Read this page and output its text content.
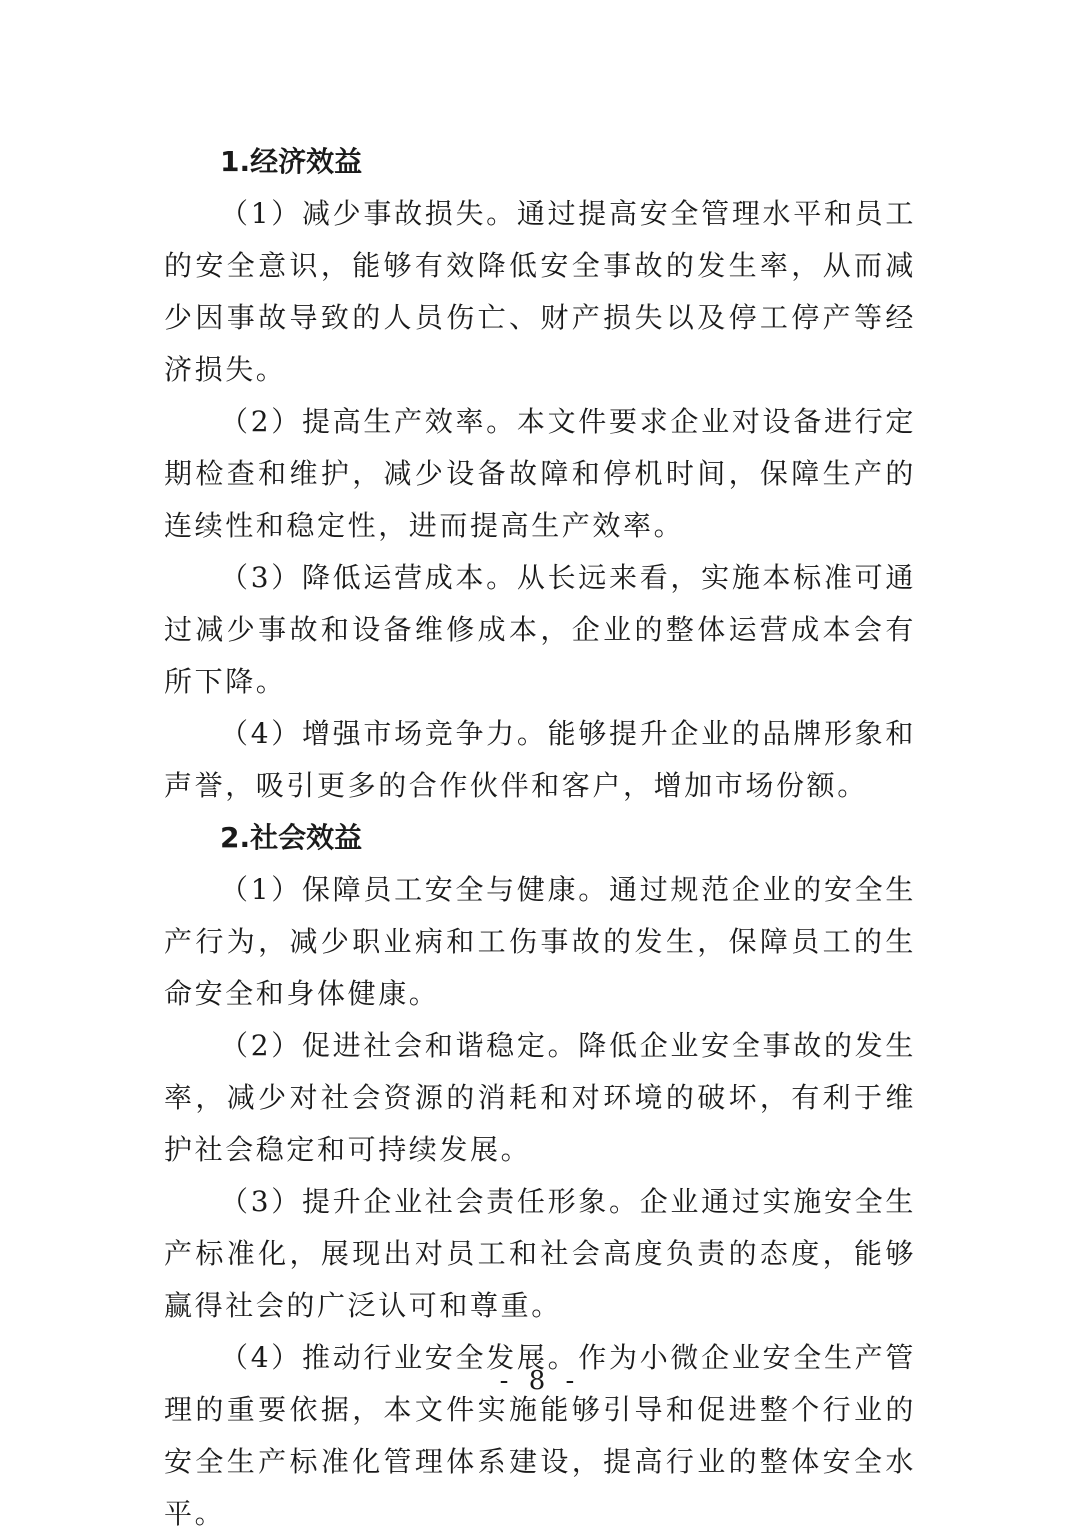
1.经济效益

（1）减少事故损失。通过提高安全管理水平和员工的安全意识，能够有效降低安全事故的发生率，从而减少因事故导致的人员伤亡、财产损失以及停工停产等经济损失。

（2）提高生产效率。本文件要求企业对设备进行定期检查和维护，减少设备故障和停机时间，保障生产的连续性和稳定性，进而提高生产效率。

（3）降低运营成本。从长远来看，实施本标准可通过减少事故和设备维修成本，企业的整体运营成本会有所下降。

（4）增强市场竞争力。能够提升企业的品牌形象和声誉，吸引更多的合作伙伴和客户，增加市场份额。

2.社会效益

（1）保障员工安全与健康。通过规范企业的安全生产行为，减少职业病和工伤事故的发生，保障员工的生命安全和身体健康。

（2）促进社会和谐稳定。降低企业安全事故的发生率，减少对社会资源的消耗和对环境的破坏，有利于维护社会稳定和可持续发展。

（3）提升企业社会责任形象。企业通过实施安全生产标准化，展现出对员工和社会高度负责的态度，能够赢得社会的广泛认可和尊重。

（4）推动行业安全发展。作为小微企业安全生产管理的重要依据，本文件实施能够引导和促进整个行业的安全生产标准化管理体系建设，提高行业的整体安全水平。

- 8 -
